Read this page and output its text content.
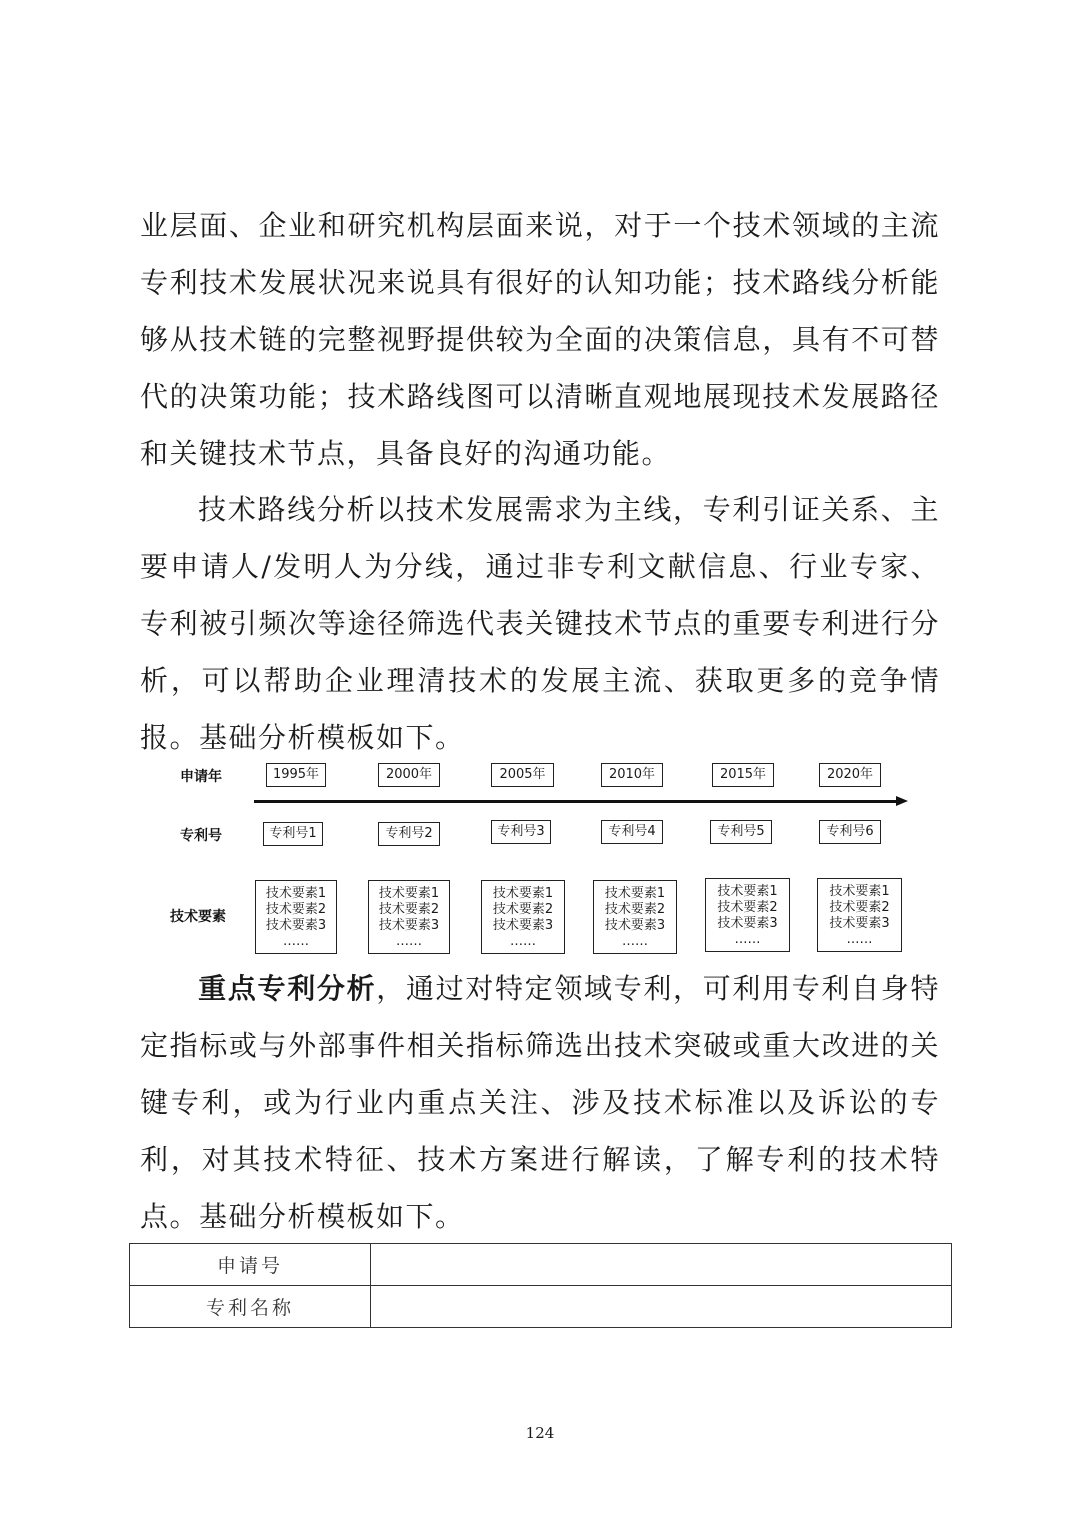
业层面、企业和研究机构层面来说，对于一个技术领域的主流专利技术发展状况来说具有很好的认知功能；技术路线分析能够从技术链的完整视野提供较为全面的决策信息，具有不可替代的决策功能；技术路线图可以清晰直观地展现技术发展路径和关键技术节点，具备良好的沟通功能。
技术路线分析以技术发展需求为主线，专利引证关系、主要申请人/发明人为分线，通过非专利文献信息、行业专家、专利被引频次等途径筛选代表关键技术节点的重要专利进行分析，可以帮助企业理清技术的发展主流、获取更多的竞争情报。基础分析模板如下。
申请年
专利号
技术要素
1995年
专利号1
技术要素1
技术要素2
技术要素3
……
2000年
专利号2
技术要素1
技术要素2
技术要素3
……
2005年
专利号3
技术要素1
技术要素2
技术要素3
……
2010年
专利号4
技术要素1
技术要素2
技术要素3
……
2015年
专利号5
技术要素1
技术要素2
技术要素3
……
2020年
专利号6
技术要素1
技术要素2
技术要素3
……
重点专利分析，通过对特定领域专利，可利用专利自身特定指标或与外部事件相关指标筛选出技术突破或重大改进的关键专利，或为行业内重点关注、涉及技术标准以及诉讼的专利，对其技术特征、技术方案进行解读，了解专利的技术特点。基础分析模板如下。
申请号	
专利名称	
124
